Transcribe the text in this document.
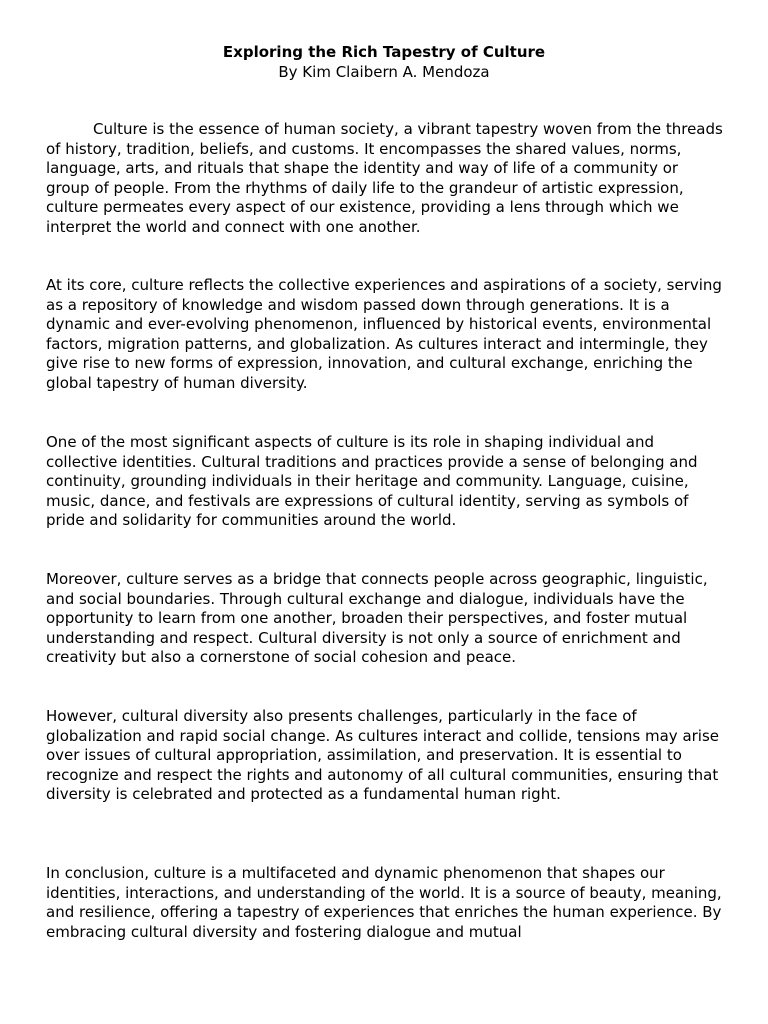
Exploring the Rich Tapestry of Culture
By Kim Claibern A. Mendoza

Culture is the essence of human society, a vibrant tapestry woven from the threads of history, tradition, beliefs, and customs. It encompasses the shared values, norms, language, arts, and rituals that shape the identity and way of life of a community or group of people. From the rhythms of daily life to the grandeur of artistic expression, culture permeates every aspect of our existence, providing a lens through which we interpret the world and connect with one another.

At its core, culture reflects the collective experiences and aspirations of a society, serving as a repository of knowledge and wisdom passed down through generations. It is a dynamic and ever-evolving phenomenon, influenced by historical events, environmental factors, migration patterns, and globalization. As cultures interact and intermingle, they give rise to new forms of expression, innovation, and cultural exchange, enriching the global tapestry of human diversity.

One of the most significant aspects of culture is its role in shaping individual and collective identities. Cultural traditions and practices provide a sense of belonging and continuity, grounding individuals in their heritage and community. Language, cuisine, music, dance, and festivals are expressions of cultural identity, serving as symbols of pride and solidarity for communities around the world.

Moreover, culture serves as a bridge that connects people across geographic, linguistic, and social boundaries. Through cultural exchange and dialogue, individuals have the opportunity to learn from one another, broaden their perspectives, and foster mutual understanding and respect. Cultural diversity is not only a source of enrichment and creativity but also a cornerstone of social cohesion and peace.

However, cultural diversity also presents challenges, particularly in the face of globalization and rapid social change. As cultures interact and collide, tensions may arise over issues of cultural appropriation, assimilation, and preservation. It is essential to recognize and respect the rights and autonomy of all cultural communities, ensuring that diversity is celebrated and protected as a fundamental human right.

In conclusion, culture is a multifaceted and dynamic phenomenon that shapes our identities, interactions, and understanding of the world. It is a source of beauty, meaning, and resilience, offering a tapestry of experiences that enriches the human experience. By embracing cultural diversity and fostering dialogue and mutual
